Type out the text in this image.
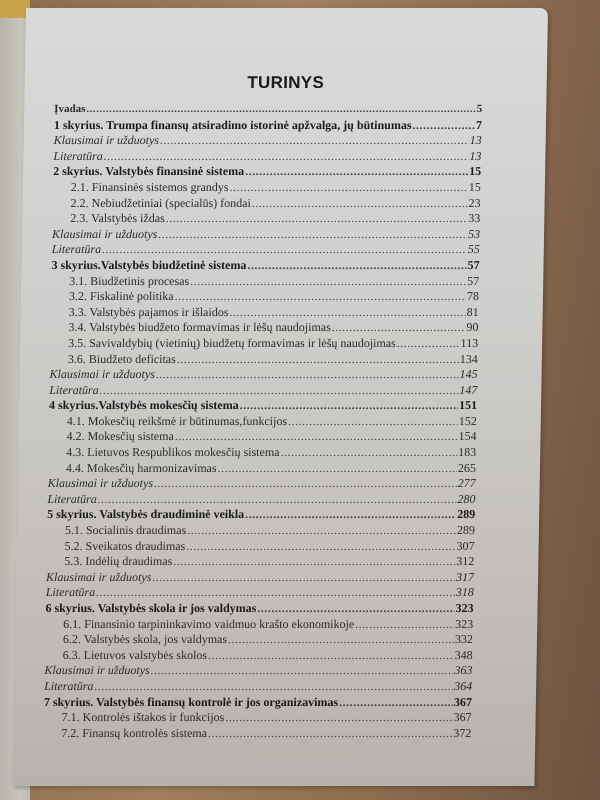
TURINYS
Įvadas .....	5
1 skyrius. Trumpa finansų atsiradimo istorinė apžvalga, jų būtinumas .....	7
Klausimai ir užduotys .....	13
Literatūra .....	13
2 skyrius. Valstybės finansinė sistema .....	15
2.1. Finansinės sistemos grandys .....	15
2.2. Nebiudžetiniai (specialūs) fondai .....	23
2.3. Valstybės iždas .....	33
Klausimai ir užduotys .....	53
Literatūra .....	55
3 skyrius.Valstybės biudžetinė sistema .....	57
3.1. Biudžetinis procesas .....	57
3.2. Fiskalinė politika .....	78
3.3. Valstybės pajamos ir išlaidos .....	81
3.4. Valstybės biudžeto formavimas ir lėšų naudojimas .....	90
3.5. Savivaldybių (vietinių) biudžetų formavimas ir lėšų naudojimas .....	113
3.6. Biudžeto deficitas .....	134
Klausimai ir užduotys .....	145
Literatūra .....	147
4 skyrius.Valstybės mokesčių sistema .....	151
4.1. Mokesčių reikšmė ir būtinumas,funkcijos .....	152
4.2. Mokesčių sistema .....	154
4.3. Lietuvos Respublikos mokesčių sistema .....	183
4.4. Mokesčių harmonizavimas .....	265
Klausimai ir užduotys .....	277
Literatūra .....	280
5 skyrius. Valstybės draudiminė veikla .....	289
5.1. Socialinis draudimas .....	289
5.2. Sveikatos draudimas .....	307
5.3. Indėlių draudimas .....	312
Klausimai ir užduotys .....	317
Literatūra .....	318
6 skyrius. Valstybės skola ir jos valdymas .....	323
6.1. Finansinio tarpininkavimo vaidmuo krašto ekonomikoje .....	323
6.2. Valstybės skola, jos valdymas .....	332
6.3. Lietuvos valstybės skolos .....	348
Klausimai ir užduotys .....	363
Literatūra .....	364
7 skyrius. Valstybės finansų kontrolė ir jos organizavimas .....	367
7.1. Kontrolės ištakos ir funkcijos .....	367
7.2. Finansų kontrolės sistema .....	372
